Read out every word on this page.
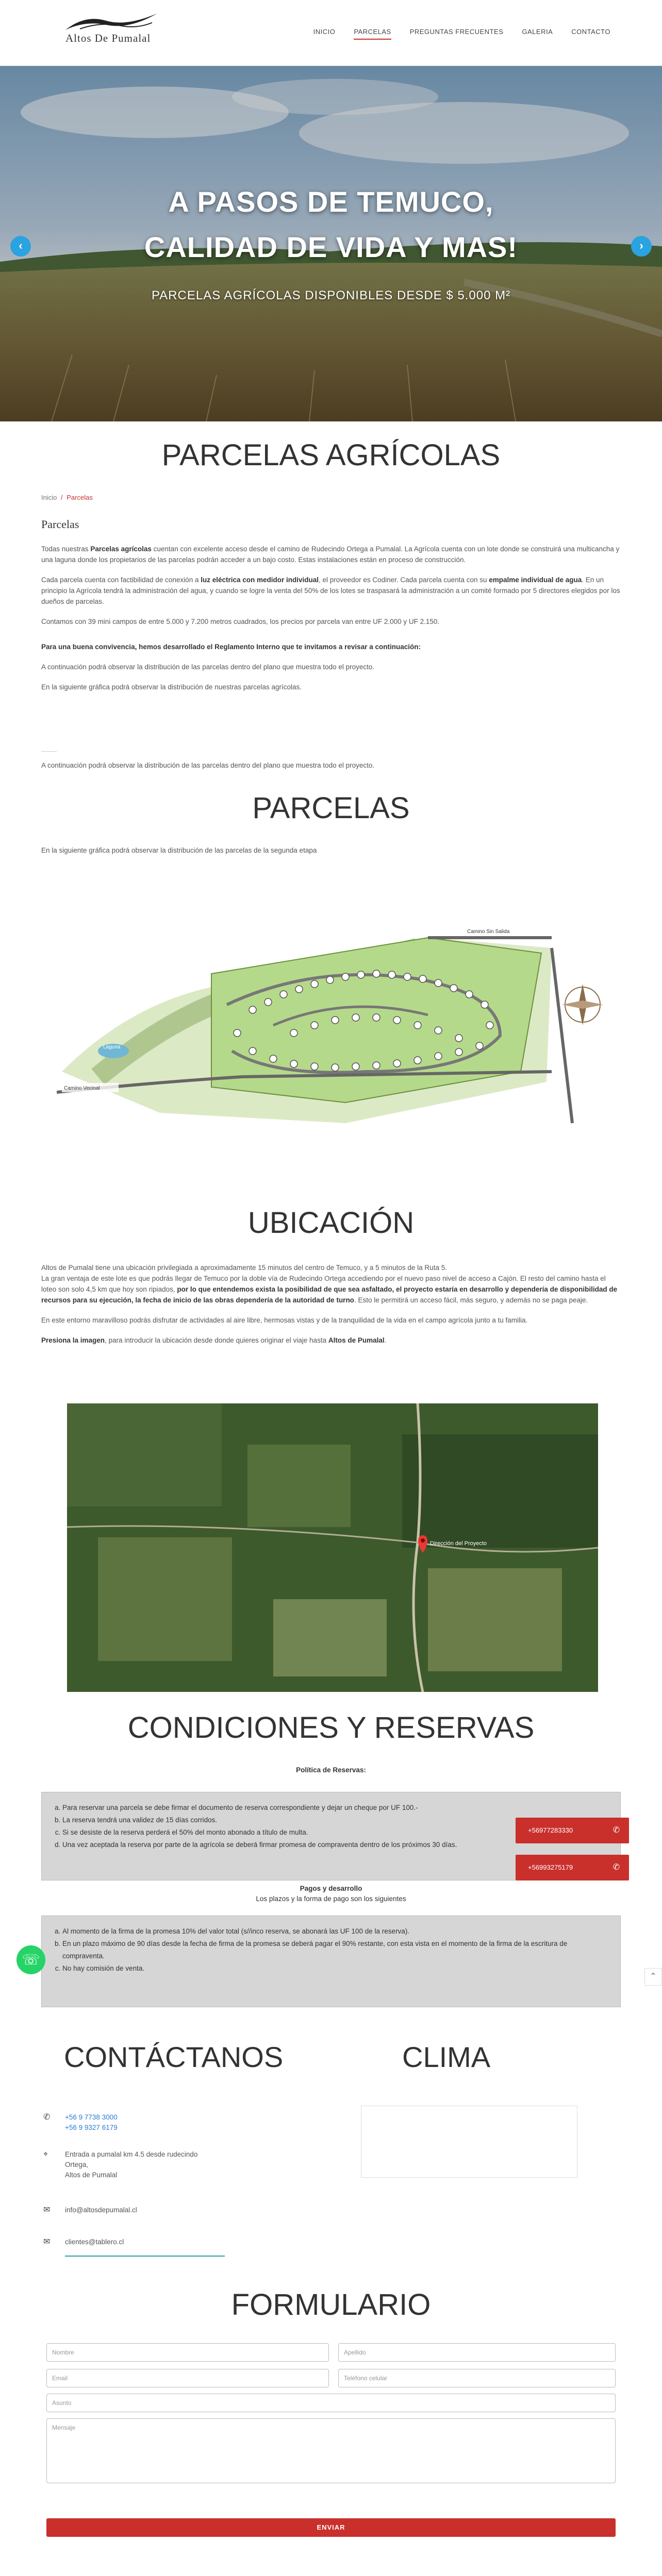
Altos De Pumalal
INICIO	PARCELAS	PREGUNTAS FRECUENTES	GALERIA	CONTACTO
A PASOS DE TEMUCO,
CALIDAD DE VIDA Y MAS!
PARCELAS AGRÍCOLAS DISPONIBLES DESDE $ 5.000 M²
‹	›
PARCELAS AGRÍCOLAS
Inicio / Parcelas
Parcelas

Todas nuestras Parcelas agrícolas cuentan con excelente acceso desde el camino de Rudecindo Ortega a Pumalal. La Agrícola cuenta con un lote donde se construirá una multicancha y una laguna donde los propietarios de las parcelas podrán acceder a un bajo costo. Estas instalaciones están en proceso de construcción.

Cada parcela cuenta con factibilidad de conexión a luz eléctrica con medidor individual, el proveedor es Codiner. Cada parcela cuenta con su empalme individual de agua. En un principio la Agrícola tendrá la administración del agua, y cuando se logre la venta del 50% de los lotes se traspasará la administración a un comité formado por 5 directores elegidos por los dueños de parcelas.

Contamos con 39 mini campos de entre 5.000 y 7.200 metros cuadrados, los precios por parcela van entre UF 2.000 y UF 2.150.

Para una buena convivencia, hemos desarrollado el Reglamento Interno que te invitamos a revisar a continuación:

A continuación podrá observar la distribución de las parcelas dentro del plano que muestra todo el proyecto.

En la siguiente gráfica podrá observar la distribución de nuestras parcelas agrícolas.

A continuación podrá observar la distribución de las parcelas dentro del plano que muestra todo el proyecto.
PARCELAS
En la siguiente gráfica podrá observar la distribución de las parcelas de la segunda etapa
Camino Sin Salida
Camino Vecinal
Laguna
UBICACIÓN

Altos de Pumalal tiene una ubicación privilegiada a aproximadamente 15 minutos del centro de Temuco, y a 5 minutos de la Ruta 5.

La gran ventaja de este lote es que podrás llegar de Temuco por la doble vía de Rudecindo Ortega accediendo por el nuevo paso nivel de acceso a Cajón. El resto del camino hasta el loteo son solo 4,5 km que hoy son ripiados, por lo que entendemos exista la posibilidad de que sea asfaltado, el proyecto estaría en desarrollo y dependería de disponibilidad de recursos para su ejecución, la fecha de inicio de las obras dependería de la autoridad de turno. Esto le permitirá un acceso fácil, más seguro, y además no se paga peaje.

En este entorno maravilloso podrás disfrutar de actividades al aire libre, hermosas vistas y de la tranquilidad de la vida en el campo agrícola junto a tu familia.

Presiona la imagen, para introducir la ubicación desde donde quieres originar el viaje hasta Altos de Pumalal.

Dirección del Proyecto
CONDICIONES Y RESERVAS
Política de Reservas:
a. Para reservar una parcela se debe firmar el documento de reserva correspondiente y dejar un cheque por UF 100.-
b. La reserva tendrá una validez de 15 días corridos.
c. Si se desiste de la reserva perderá el 50% del monto abonado a título de multa.
d. Una vez aceptada la reserva por parte de la agrícola se deberá firmar promesa de compraventa dentro de los próximos 30 días.
+56977283330	✆
+56993275179	✆
Pagos y desarrollo
Los plazos y la forma de pago son los siguientes
a. Al momento de la firma de la promesa 10% del valor total (s//inco reserva, se abonará las UF 100 de la reserva).
b. En un plazo máximo de 90 días desde la fecha de firma de la promesa se deberá pagar el 90% restante, con esta vista en el momento de la firma de la escritura de compraventa.
c. No hay comisión de venta.
☏
⌃
CONTÁCTANOS	CLIMA
✆	+56 9 7738 3000
+56 9 9327 6179
⌖	Entrada a pumalal km 4.5 desde rudecindo
Ortega,
Altos de Pumalal
✉	info@altosdepumalal.cl
✉	clientes@tablero.cl
FORMULARIO
Nombre	Apellido
Email	Teléfono celular
Asunto
Mensaje
ENVIAR
